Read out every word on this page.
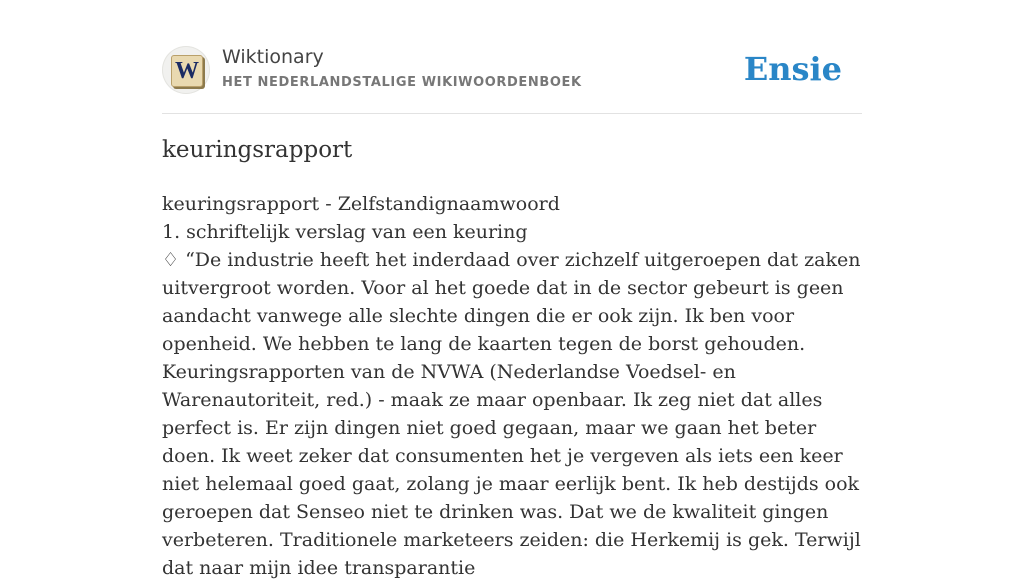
W
Wiktionary
HET NEDERLANDSTALIGE WIKIWOORDENBOEK	Ensie
keuringsrapport

keuringsrapport - Zelfstandignaamwoord

1. schriftelijk verslag van een keuring

♢ “De industrie heeft het inderdaad over zichzelf uitgeroepen dat zaken uitvergroot worden. Voor al het goede dat in de sector gebeurt is geen aandacht vanwege alle slechte dingen die er ook zijn. Ik ben voor openheid. We hebben te lang de kaarten tegen de borst gehouden. Keuringsrapporten van de NVWA (Nederlandse Voedsel- en Warenautoriteit, red.) - maak ze maar openbaar. Ik zeg niet dat alles perfect is. Er zijn dingen niet goed gegaan, maar we gaan het beter doen. Ik weet zeker dat consumenten het je vergeven als iets een keer niet helemaal goed gaat, zolang je maar eerlijk bent. Ik heb destijds ook geroepen dat Senseo niet te drinken was. Dat we de kwaliteit gingen verbeteren. Traditionele marketeers zeiden: die Herkemij is gek. Terwijl dat naar mijn idee transparantie
